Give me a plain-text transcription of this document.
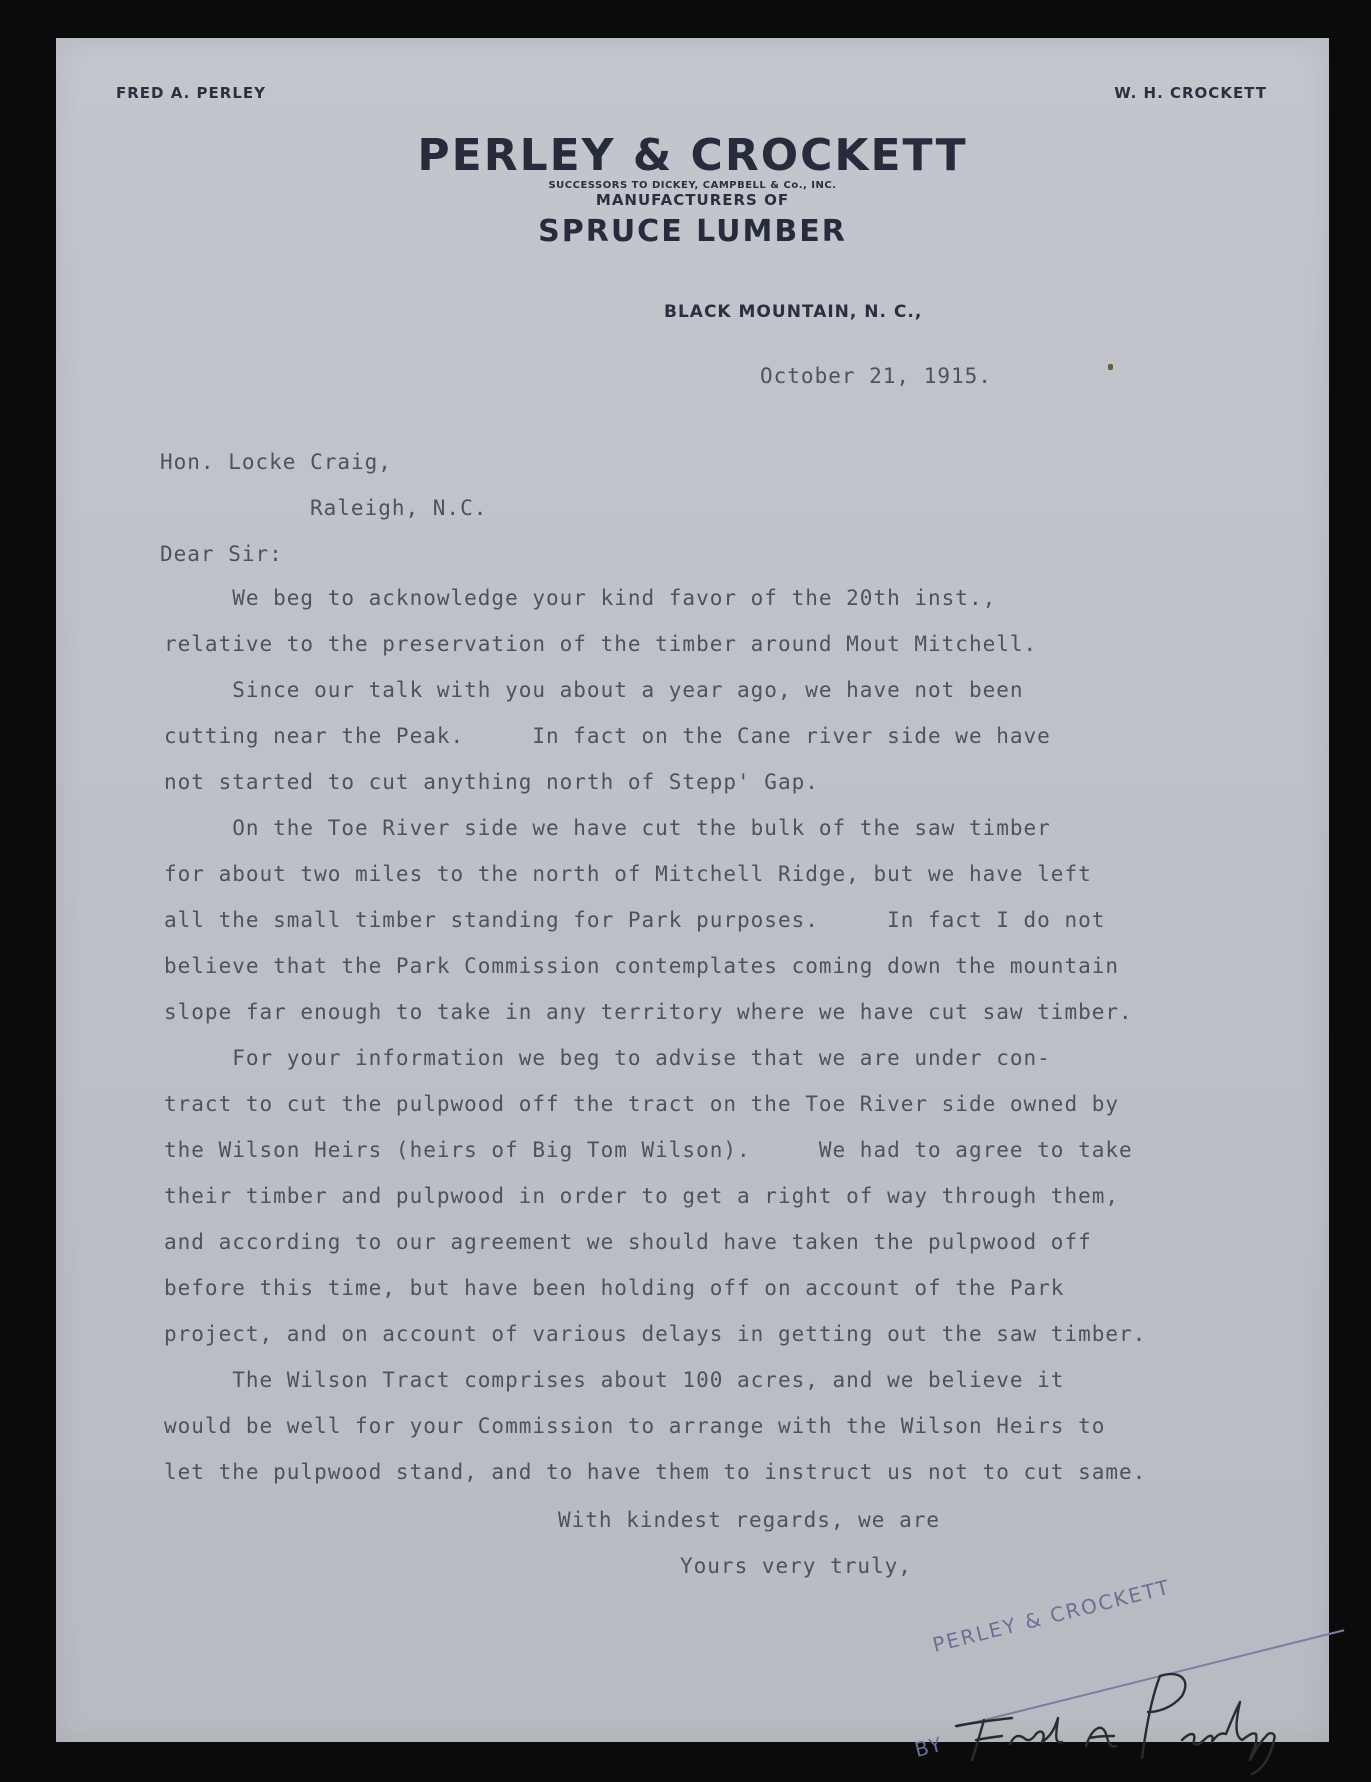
FRED A. PERLEY	W. H. CROCKETT
PERLEY & CROCKETT
SUCCESSORS TO DICKEY, CAMPBELL & Co., INC.
MANUFACTURERS OF
SPRUCE LUMBER
BLACK MOUNTAIN, N. C.,
October 21, 1915.
Hon. Locke Craig,
Raleigh, N.C.
Dear Sir:
We beg to acknowledge your kind favor of the 20th inst.,
relative to the preservation of the timber around Mout Mitchell.
Since our talk with you about a year ago, we have not been
cutting near the Peak.     In fact on the Cane river side we have
not started to cut anything north of Stepp' Gap.
On the Toe River side we have cut the bulk of the saw timber
for about two miles to the north of Mitchell Ridge, but we have left
all the small timber standing for Park purposes.     In fact I do not
believe that the Park Commission contemplates coming down the mountain
slope far enough to take in any territory where we have cut saw timber.
For your information we beg to advise that we are under con-
tract to cut the pulpwood off the tract on the Toe River side owned by
the Wilson Heirs (heirs of Big Tom Wilson).     We had to agree to take
their timber and pulpwood in order to get a right of way through them,
and according to our agreement we should have taken the pulpwood off
before this time, but have been holding off on account of the Park
project, and on account of various delays in getting out the saw timber.
The Wilson Tract comprises about 100 acres, and we believe it
would be well for your Commission to arrange with the Wilson Heirs to
let the pulpwood stand, and to have them to instruct us not to cut same.
With kindest regards, we are
Yours very truly,
PERLEY & CROCKETT
BY
